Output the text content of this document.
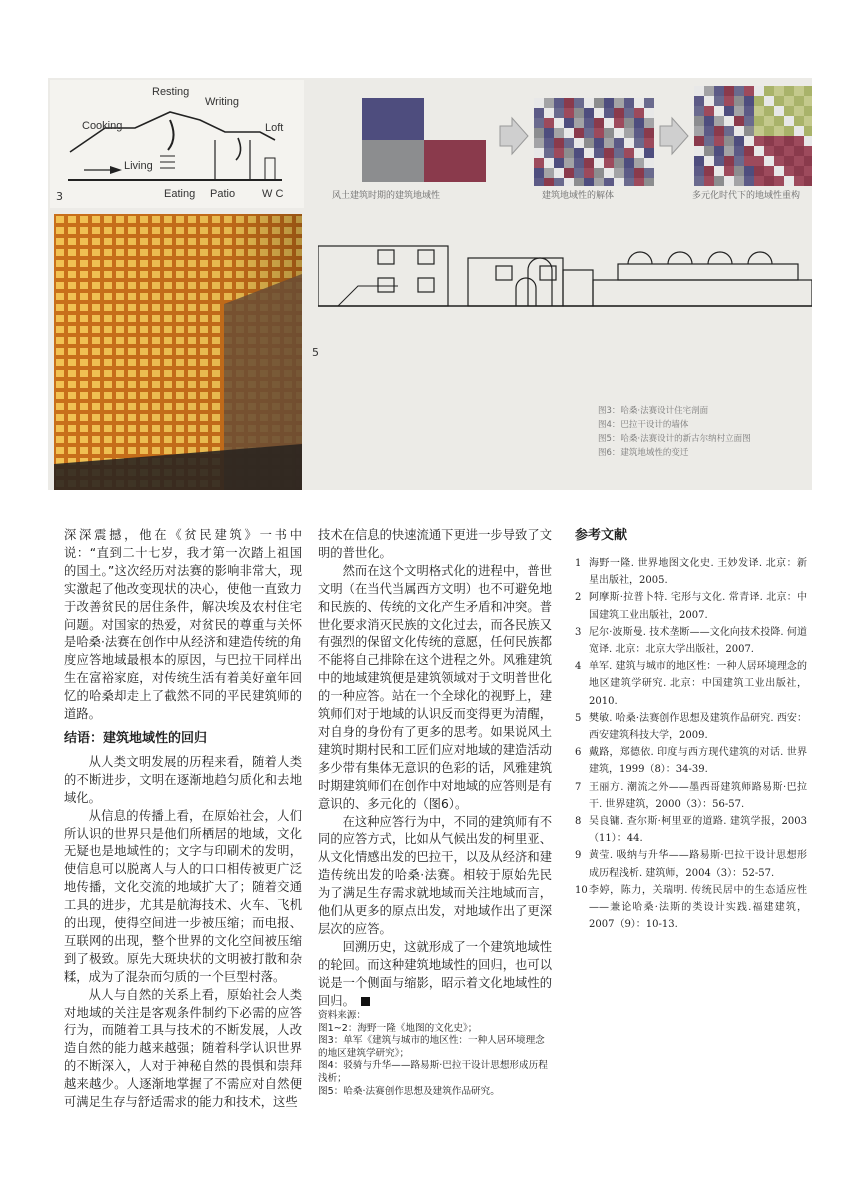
Resting
Writing
Cooking	Loft
Living
Eating Patio W C
3	风土建筑时期的建筑地域性	建筑地域性的解体	多元化时代下的地域性重构
5
图3：哈桑·法赛设计住宅剖面
图4：巴拉干设计的墙体
图5：哈桑·法赛设计的新古尔纳村立面图
图6：建筑地域性的变迁

深深震撼，他在《贫民建筑》一书中说：“直到二十七岁，我才第一次踏上祖国的国土。”这次经历对法赛的影响非常大，现实激起了他改变现状的决心，使他一直致力于改善贫民的居住条件，解决埃及农村住宅问题。对国家的热爱，对贫民的尊重与关怀是哈桑·法赛在创作中从经济和建造传统的角度应答地域最根本的原因，与巴拉干同样出生在富裕家庭，对传统生活有着美好童年回忆的哈桑却走上了截然不同的平民建筑师的道路。

结语：建筑地域性的回归

从人类文明发展的历程来看，随着人类的不断进步，文明在逐渐地趋匀质化和去地域化。

从信息的传播上看，在原始社会，人们所认识的世界只是他们所栖居的地域，文化无疑也是地域性的；文字与印刷术的发明，使信息可以脱离人与人的口口相传被更广泛地传播，文化交流的地域扩大了；随着交通工具的进步，尤其是航海技术、火车、飞机的出现，使得空间进一步被压缩；而电报、互联网的出现，整个世界的文化空间被压缩到了极致。原先大斑块状的文明被打散和杂糅，成为了混杂而匀质的一个巨型村落。

从人与自然的关系上看，原始社会人类对地域的关注是客观条件制约下必需的应答行为，而随着工具与技术的不断发展，人改造自然的能力越来越强；随着科学认识世界的不断深入，人对于神秘自然的畏惧和崇拜越来越少。人逐渐地掌握了不需应对自然便可满足生存与舒适需求的能力和技术，这些

技术在信息的快速流通下更进一步导致了文明的普世化。

然而在这个文明格式化的进程中，普世文明（在当代当属西方文明）也不可避免地和民族的、传统的文化产生矛盾和冲突。普世化要求消灭民族的文化过去，而各民族又有强烈的保留文化传统的意愿，任何民族都不能将自己排除在这个进程之外。风雅建筑中的地域建筑便是建筑领域对于文明普世化的一种应答。站在一个全球化的视野上，建筑师们对于地域的认识反而变得更为清醒，对自身的身份有了更多的思考。如果说风土建筑时期村民和工匠们应对地域的建造活动多少带有集体无意识的色彩的话，风雅建筑时期建筑师们在创作中对地域的应答则是有意识的、多元化的（图6）。

在这种应答行为中，不同的建筑师有不同的应答方式，比如从气候出发的柯里亚、从文化情感出发的巴拉干，以及从经济和建造传统出发的哈桑·法赛。相较于原始先民为了满足生存需求就地域而关注地域而言，他们从更多的原点出发，对地域作出了更深层次的应答。

回溯历史，这就形成了一个建筑地域性的轮回。而这种建筑地域性的回归，也可以说是一个侧面与缩影，昭示着文化地域性的回归。

资料来源：
图1~2：海野一隆《地图的文化史》；
图3：单军《建筑与城市的地区性：一种人居环境理念的地区建筑学研究》；
图4：驳骑与升华——路易斯·巴拉干设计思想形成历程浅析；
图5：哈桑·法赛创作思想及建筑作品研究。
参考文献
1 海野一隆. 世界地图文化史. 王妙发译. 北京：新星出版社，2005.
2 阿摩斯·拉普卜特. 宅形与文化. 常青译. 北京：中国建筑工业出版社，2007.
3 尼尔·波斯曼. 技术垄断——文化向技术投降. 何道宽译. 北京：北京大学出版社，2007.
4 单军. 建筑与城市的地区性：一种人居环境理念的地区建筑学研究. 北京：中国建筑工业出版社，2010.
5 樊敏. 哈桑·法赛创作思想及建筑作品研究. 西安：西安建筑科技大学，2009.
6 戴路，郑德依. 印度与西方现代建筑的对话. 世界建筑，1999（8）：34-39.
7 王丽方. 潮流之外——墨西哥建筑师路易斯·巴拉干. 世界建筑，2000（3）：56-57.
8 吴良镛. 查尔斯·柯里亚的道路. 建筑学报，2003（11）：44.
9 黄莹. 吸纳与升华——路易斯·巴拉干设计思想形成历程浅析. 建筑师，2004（3）：52-57.
10 李婷，陈力，关瑞明. 传统民居中的生态适应性——兼论哈桑·法斯的类设计实践.福建建筑，2007（9）：10-13.
